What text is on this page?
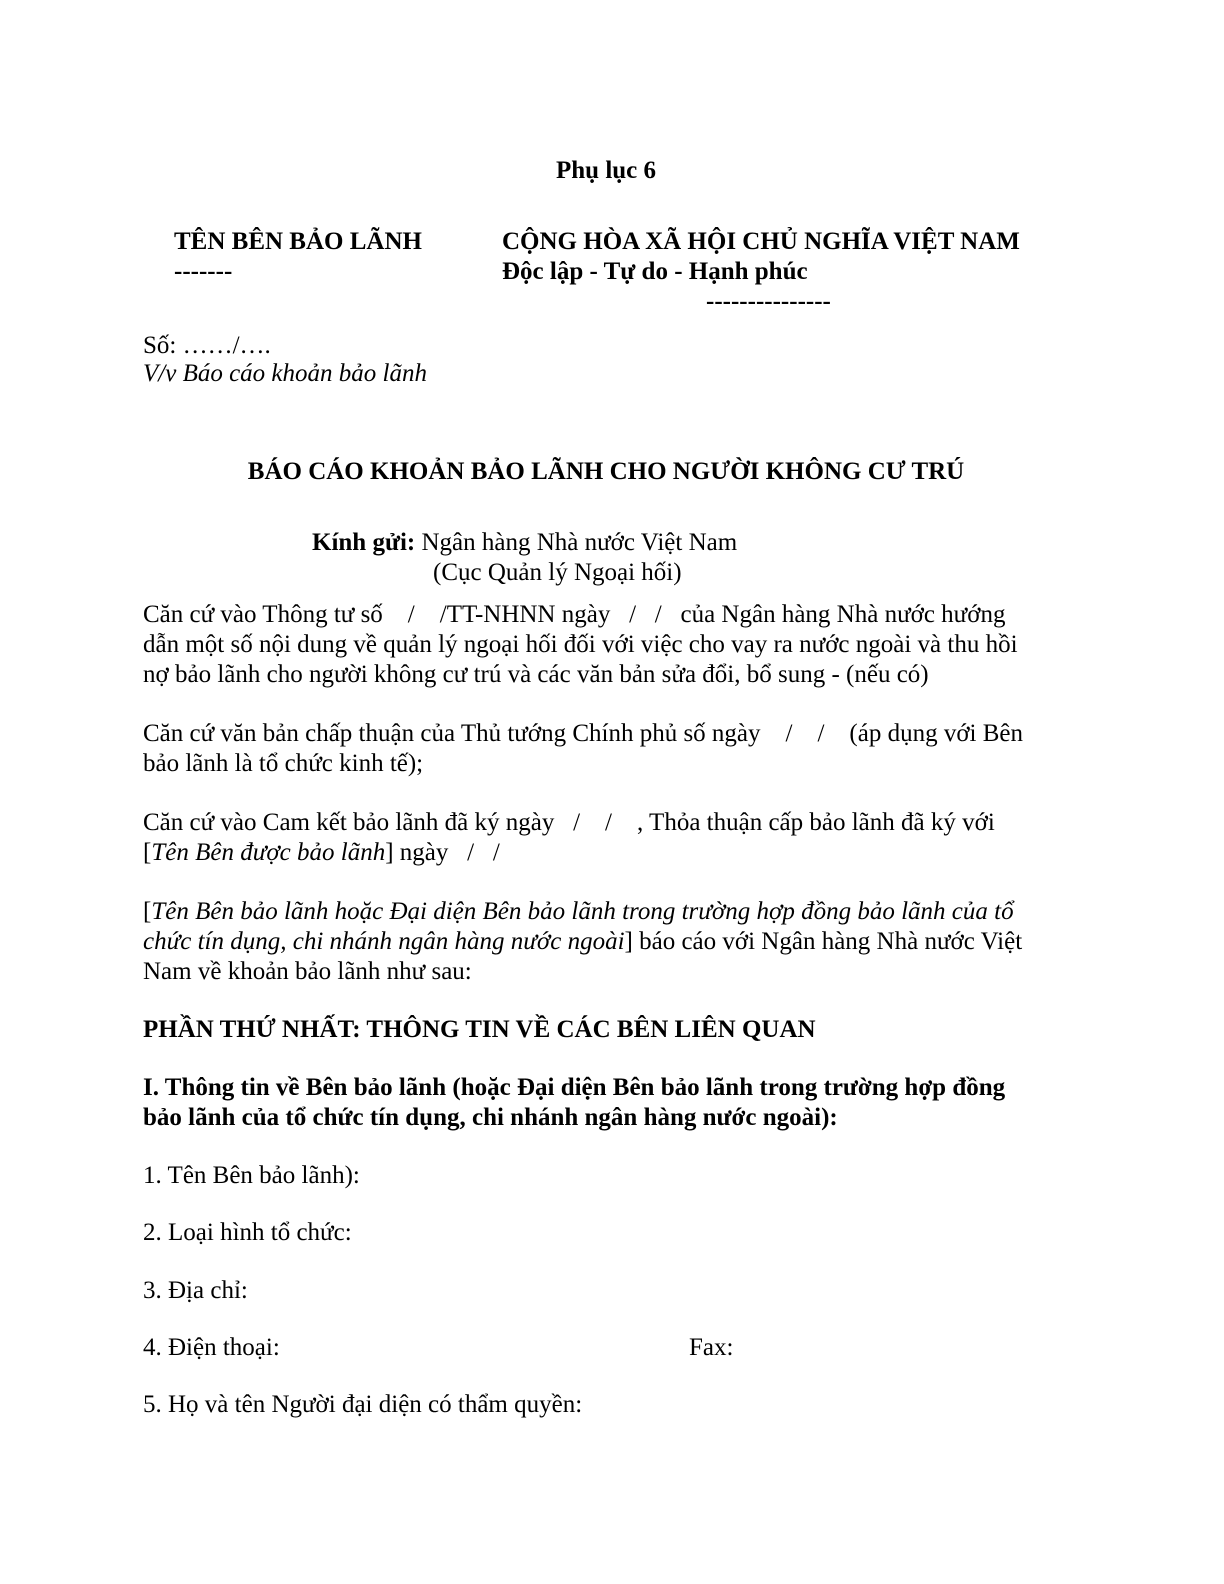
Phụ lục 6
TÊN BÊN BẢO LÃNH
-------
CỘNG HÒA XÃ HỘI CHỦ NGHĨA VIỆT NAM
Độc lập - Tự do - Hạnh phúc
---------------
Số: ……/….
V/v Báo cáo khoản bảo lãnh
BÁO CÁO KHOẢN BẢO LÃNH CHO NGƯỜI KHÔNG CƯ TRÚ
Kính gửi: Ngân hàng Nhà nước Việt Nam
(Cục Quản lý Ngoại hối)
Căn cứ vào Thông tư số    /    /TT-NHNN ngày   /   /   của Ngân hàng Nhà nước hướng
dẫn một số nội dung về quản lý ngoại hối đối với việc cho vay ra nước ngoài và thu hồi
nợ bảo lãnh cho người không cư trú và các văn bản sửa đổi, bổ sung - (nếu có)
Căn cứ văn bản chấp thuận của Thủ tướng Chính phủ số ngày    /    /    (áp dụng với Bên
bảo lãnh là tổ chức kinh tế);
Căn cứ vào Cam kết bảo lãnh đã ký ngày   /    /    , Thỏa thuận cấp bảo lãnh đã ký với
[Tên Bên được bảo lãnh] ngày   /   /
[Tên Bên bảo lãnh hoặc Đại diện Bên bảo lãnh trong trường hợp đồng bảo lãnh của tổ
chức tín dụng, chi nhánh ngân hàng nước ngoài] báo cáo với Ngân hàng Nhà nước Việt
Nam về khoản bảo lãnh như sau:
PHẦN THỨ NHẤT: THÔNG TIN VỀ CÁC BÊN LIÊN QUAN
I. Thông tin về Bên bảo lãnh (hoặc Đại diện Bên bảo lãnh trong trường hợp đồng
bảo lãnh của tổ chức tín dụng, chi nhánh ngân hàng nước ngoài):
1. Tên Bên bảo lãnh):
2. Loại hình tổ chức:
3. Địa chỉ:
4. Điện thoại:	Fax:
5. Họ và tên Người đại diện có thẩm quyền:
